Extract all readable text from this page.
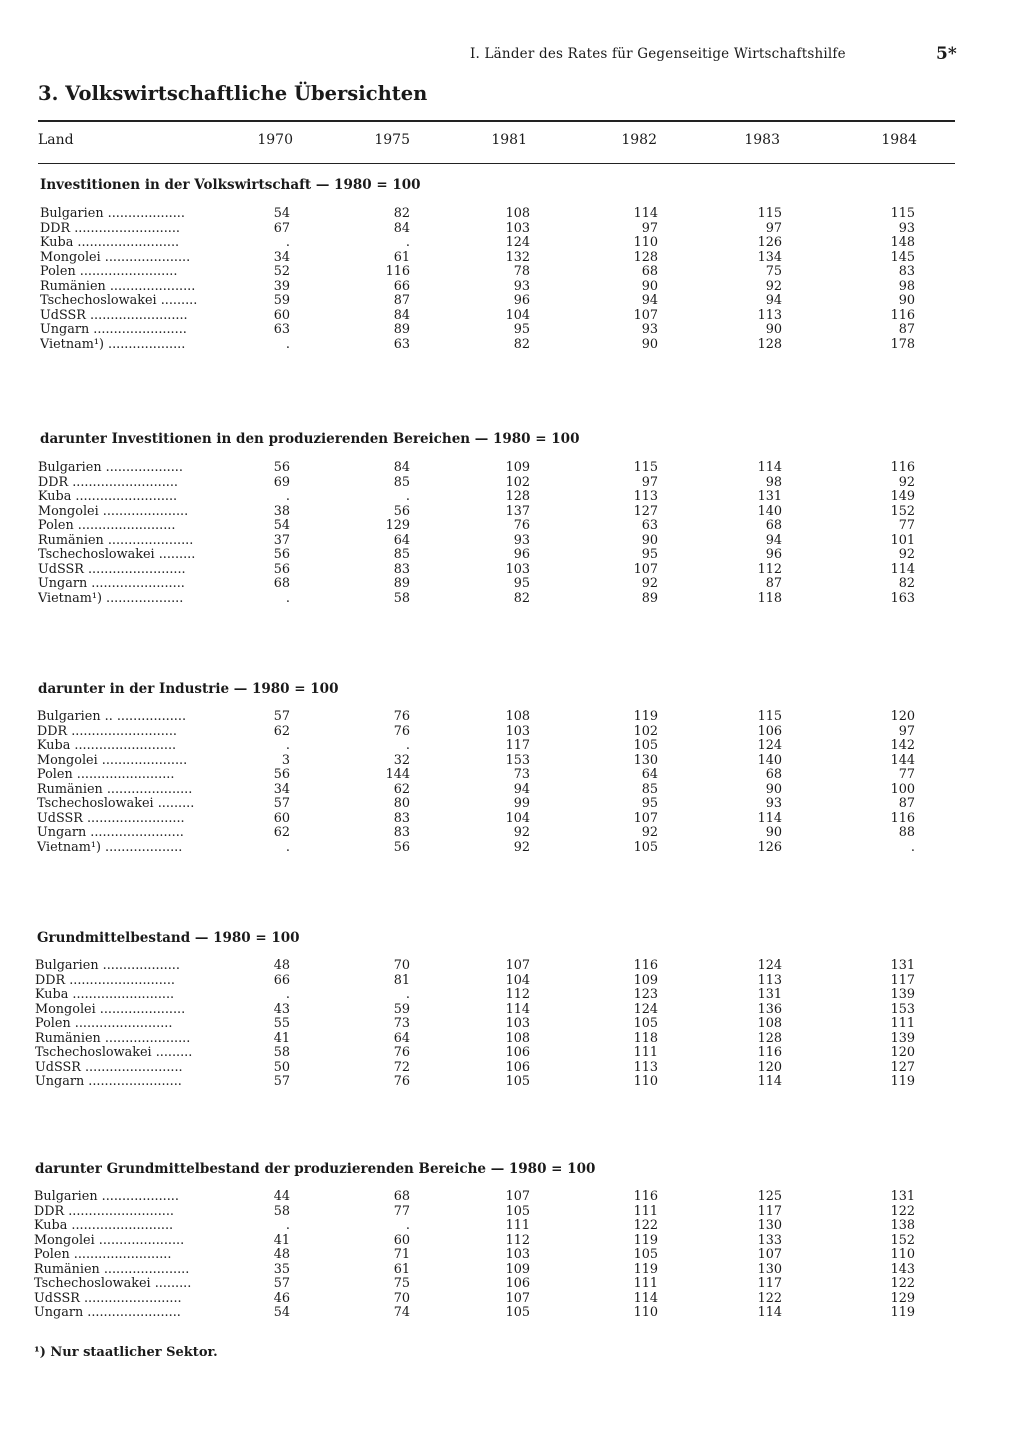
I. Länder des Rates für Gegenseitige Wirtschaftshilfe	5*
3. Volkswirtschaftliche Übersichten
Land	1970	1975	1981	1982	1983	1984
Investitionen in der Volkswirtschaft — 1980 = 100
Bulgarien ...................	54	82	108	114	115	115
DDR ..........................	67	84	103	97	97	93
Kuba .........................	.	.	124	110	126	148
Mongolei .....................	34	61	132	128	134	145
Polen ........................	52	116	78	68	75	83
Rumänien .....................	39	66	93	90	92	98
Tschechoslowakei .........	59	87	96	94	94	90
UdSSR ........................	60	84	104	107	113	116
Ungarn .......................	63	89	95	93	90	87
Vietnam¹) ...................	.	63	82	90	128	178
darunter Investitionen in den produzierenden Bereichen — 1980 = 100
Bulgarien ...................	56	84	109	115	114	116
DDR ..........................	69	85	102	97	98	92
Kuba .........................	.	.	128	113	131	149
Mongolei .....................	38	56	137	127	140	152
Polen ........................	54	129	76	63	68	77
Rumänien .....................	37	64	93	90	94	101
Tschechoslowakei .........	56	85	96	95	96	92
UdSSR ........................	56	83	103	107	112	114
Ungarn .......................	68	89	95	92	87	82
Vietnam¹) ...................	.	58	82	89	118	163
darunter in der Industrie — 1980 = 100
Bulgarien .. .................	57	76	108	119	115	120
DDR ..........................	62	76	103	102	106	97
Kuba .........................	.	.	117	105	124	142
Mongolei .....................	3	32	153	130	140	144
Polen ........................	56	144	73	64	68	77
Rumänien .....................	34	62	94	85	90	100
Tschechoslowakei .........	57	80	99	95	93	87
UdSSR ........................	60	83	104	107	114	116
Ungarn .......................	62	83	92	92	90	88
Vietnam¹) ...................	.	56	92	105	126	.
Grundmittelbestand — 1980 = 100
Bulgarien ...................	48	70	107	116	124	131
DDR ..........................	66	81	104	109	113	117
Kuba .........................	.	.	112	123	131	139
Mongolei .....................	43	59	114	124	136	153
Polen ........................	55	73	103	105	108	111
Rumänien .....................	41	64	108	118	128	139
Tschechoslowakei .........	58	76	106	111	116	120
UdSSR ........................	50	72	106	113	120	127
Ungarn .......................	57	76	105	110	114	119
darunter Grundmittelbestand der produzierenden Bereiche — 1980 = 100
Bulgarien ...................	44	68	107	116	125	131
DDR ..........................	58	77	105	111	117	122
Kuba .........................	.	.	111	122	130	138
Mongolei .....................	41	60	112	119	133	152
Polen ........................	48	71	103	105	107	110
Rumänien .....................	35	61	109	119	130	143
Tschechoslowakei .........	57	75	106	111	117	122
UdSSR ........................	46	70	107	114	122	129
Ungarn .......................	54	74	105	110	114	119
¹) Nur staatlicher Sektor.
